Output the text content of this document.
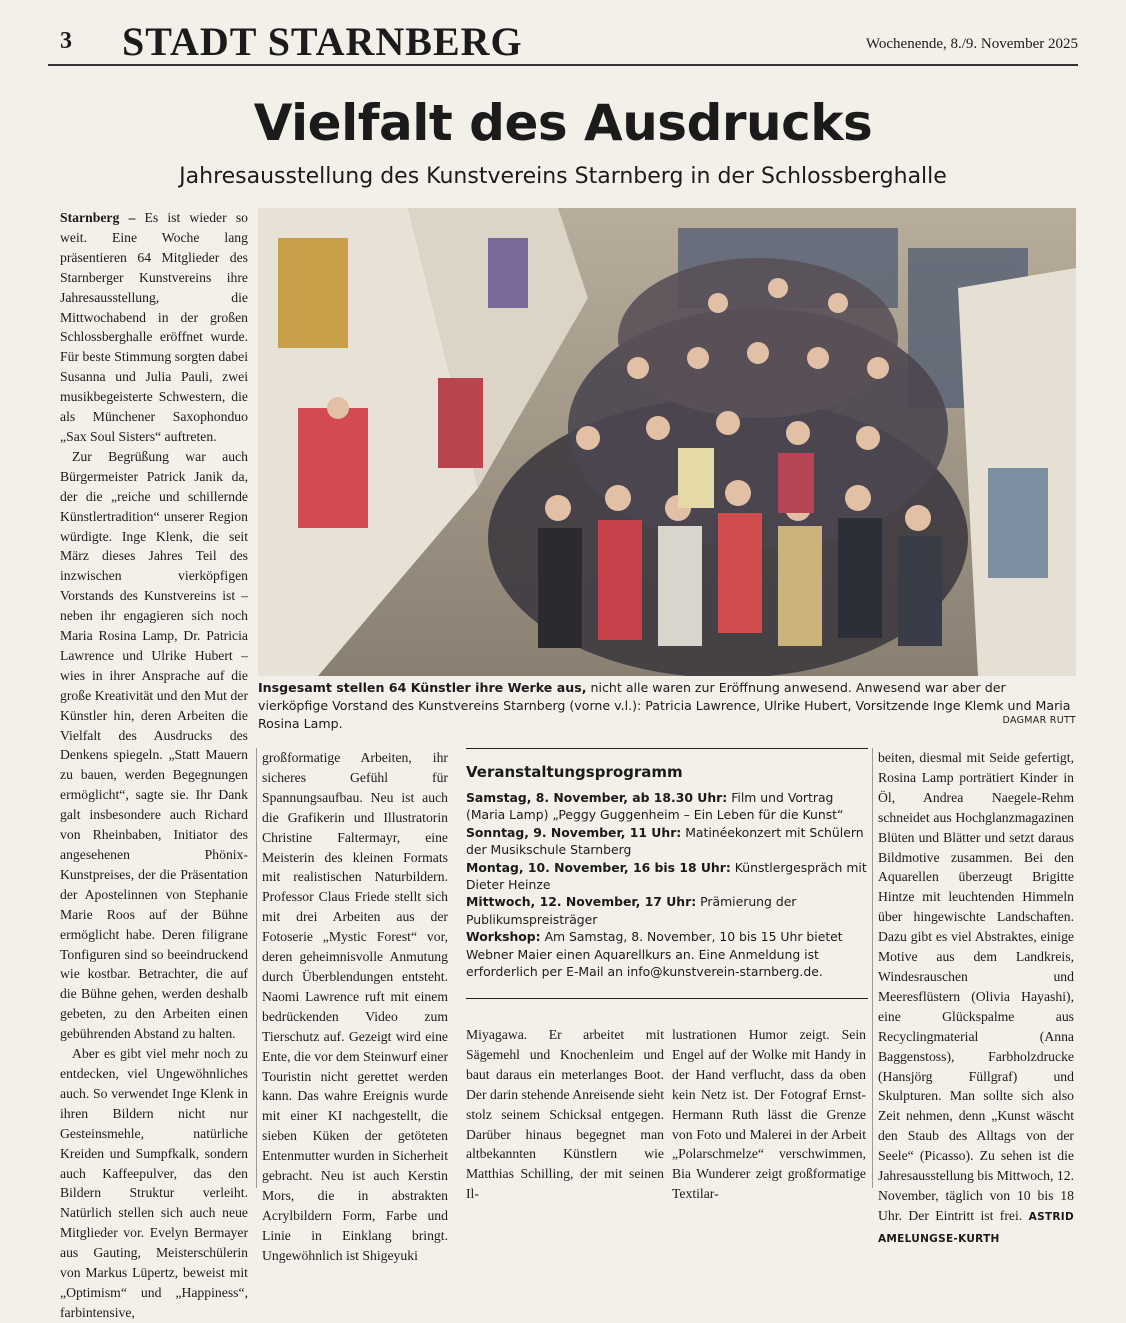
3 STADT STARNBERG	Wochenende, 8./9. November 2025
Vielfalt des Ausdrucks
Jahresausstellung des Kunstvereins Starnberg in der Schlossberghalle

Starnberg – Es ist wieder so weit. Eine Woche lang präsentieren 64 Mitglieder des Starnberger Kunstvereins ihre Jahresausstellung, die Mittwochabend in der großen Schlossberghalle eröffnet wurde. Für beste Stimmung sorgten dabei Susanna und Julia Pauli, zwei musikbegeisterte Schwestern, die als Münchener Saxophonduo „Sax Soul Sisters“ auftreten.

Zur Begrüßung war auch Bürgermeister Patrick Janik da, der die „reiche und schillernde Künstlertradition“ unserer Region würdigte. Inge Klenk, die seit März dieses Jahres Teil des inzwischen vierköpfigen Vorstands des Kunstvereins ist – neben ihr engagieren sich noch Maria Rosina Lamp, Dr. Patricia Lawrence und Ulrike Hubert – wies in ihrer Ansprache auf die große Kreativität und den Mut der Künstler hin, deren Arbeiten die Vielfalt des Ausdrucks des Denkens spiegeln. „Statt Mauern zu bauen, werden Begegnungen ermöglicht“, sagte sie. Ihr Dank galt insbesondere auch Richard von Rheinbaben, Initiator des angesehenen Phönix-Kunstpreises, der die Präsentation der Apostelinnen von Stephanie Marie Roos auf der Bühne ermöglicht habe. Deren filigrane Tonfiguren sind so beeindruckend wie kostbar. Betrachter, die auf die Bühne gehen, werden deshalb gebeten, zu den Arbeiten einen gebührenden Abstand zu halten.

Aber es gibt viel mehr noch zu entdecken, viel Ungewöhnliches auch. So verwendet Inge Klenk in ihren Bildern nicht nur Gesteinsmehle, natürliche Kreiden und Sumpfkalk, sondern auch Kaffeepulver, das den Bildern Struktur verleiht. Natürlich stellen sich auch neue Mitglieder vor. Evelyn Bermayer aus Gauting, Meisterschülerin von Markus Lüpertz, beweist mit „Optimism“ und „Happiness“, farbintensive,

Insgesamt stellen 64 Künstler ihre Werke aus, nicht alle waren zur Eröffnung anwesend. Anwesend war aber der vierköpfige Vorstand des Kunstvereins Starnberg (vorne v.l.): Patricia Lawrence, Ulrike Hubert, Vorsitzende Inge Klemk und Maria Rosina Lamp.	DAGMAR RUTT

großformatige Arbeiten, ihr sicheres Gefühl für Spannungsaufbau. Neu ist auch die Grafikerin und Illustratorin Christine Faltermayr, eine Meisterin des kleinen Formats mit realistischen Naturbildern. Professor Claus Friede stellt sich mit drei Arbeiten aus der Fotoserie „Mystic Forest“ vor, deren geheimnisvolle Anmutung durch Überblendungen entsteht. Naomi Lawrence ruft mit einem bedrückenden Video zum Tierschutz auf. Gezeigt wird eine Ente, die vor dem Steinwurf einer Touristin nicht gerettet werden kann. Das wahre Ereignis wurde mit einer KI nachgestellt, die sieben Küken der getöteten Entenmutter wurden in Sicherheit gebracht. Neu ist auch Kerstin Mors, die in abstrakten Acrylbildern Form, Farbe und Linie in Einklang bringt. Ungewöhnlich ist Shigeyuki

Veranstaltungsprogramm
Samstag, 8. November, ab 18.30 Uhr: Film und Vortrag (Maria Lamp) „Peggy Guggenheim – Ein Leben für die Kunst“
Sonntag, 9. November, 11 Uhr: Matinéekonzert mit Schülern der Musikschule Starnberg
Montag, 10. November, 16 bis 18 Uhr: Künstlergespräch mit Dieter Heinze
Mittwoch, 12. November, 17 Uhr: Prämierung der Publikumspreisträger
Workshop: Am Samstag, 8. November, 10 bis 15 Uhr bietet Webner Maier einen Aquarellkurs an. Eine Anmeldung ist erforderlich per E-Mail an info@kunstverein-starnberg.de.

Miyagawa. Er arbeitet mit Sägemehl und Knochenleim und baut daraus ein meterlanges Boot. Der darin stehende Anreisende sieht stolz seinem Schicksal entgegen. Darüber hinaus begegnet man altbekannten Künstlern wie Matthias Schilling, der mit seinen Il-

lustrationen Humor zeigt. Sein Engel auf der Wolke mit Handy in der Hand verflucht, dass da oben kein Netz ist. Der Fotograf Ernst-Hermann Ruth lässt die Grenze von Foto und Malerei in der Arbeit „Polarschmelze“ verschwimmen, Bia Wunderer zeigt großformatige Textilar-

beiten, diesmal mit Seide gefertigt, Rosina Lamp porträtiert Kinder in Öl, Andrea Naegele-Rehm schneidet aus Hochglanzmagazinen Blüten und Blätter und setzt daraus Bildmotive zusammen. Bei den Aquarellen überzeugt Brigitte Hintze mit leuchtenden Himmeln über hingewischte Landschaften. Dazu gibt es viel Abstraktes, einige Motive aus dem Landkreis, Windesrauschen und Meeresflüstern (Olivia Hayashi), eine Glückspalme aus Recyclingmaterial (Anna Baggenstoss), Farbholzdrucke (Hansjörg Füllgraf) und Skulpturen. Man sollte sich also Zeit nehmen, denn „Kunst wäscht den Staub des Alltags von der Seele“ (Picasso). Zu sehen ist die Jahresausstellung bis Mittwoch, 12. November, täglich von 10 bis 18 Uhr. Der Eintritt ist frei. ASTRID AMELUNGSE-KURTH
